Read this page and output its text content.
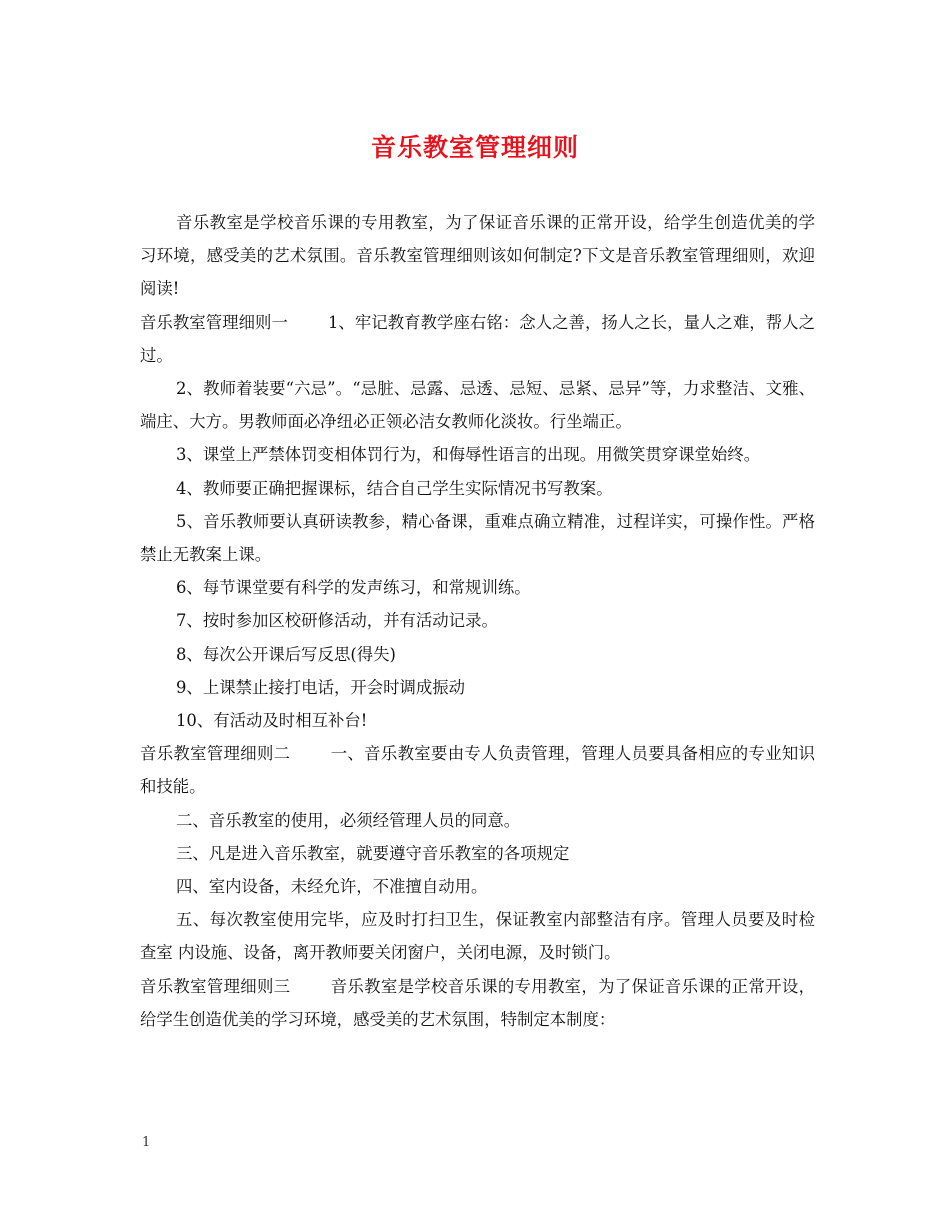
音乐教室管理细则

音乐教室是学校音乐课的专用教室，为了保证音乐课的正常开设，给学生创造优美的学习环境，感受美的艺术氛围。音乐教室管理细则该如何制定?下文是音乐教室管理细则，欢迎阅读!

音乐教室管理细则一 1、牢记教育教学座右铭：念人之善，扬人之长，量人之难，帮人之过。

2、教师着装要“六忌”。“忌脏、忌露、忌透、忌短、忌紧、忌异”等，力求整洁、文雅、端庄、大方。男教师面必净纽必正领必洁女教师化淡妆。行坐端正。

3、课堂上严禁体罚变相体罚行为，和侮辱性语言的出现。用微笑贯穿课堂始终。

4、教师要正确把握课标，结合自己学生实际情况书写教案。

5、音乐教师要认真研读教参，精心备课，重难点确立精准，过程详实，可操作性。严格禁止无教案上课。

6、每节课堂要有科学的发声练习，和常规训练。

7、按时参加区校研修活动，并有活动记录。

8、每次公开课后写反思(得失)

9、上课禁止接打电话，开会时调成振动

10、有活动及时相互补台!

音乐教室管理细则二 一、音乐教室要由专人负责管理，管理人员要具备相应的专业知识和技能。

二、音乐教室的使用，必须经管理人员的同意。

三、凡是进入音乐教室，就要遵守音乐教室的各项规定

四、室内设备，未经允许，不准擅自动用。

五、每次教室使用完毕，应及时打扫卫生，保证教室内部整洁有序。管理人员要及时检查室 内设施、设备，离开教师要关闭窗户，关闭电源，及时锁门。

音乐教室管理细则三 音乐教室是学校音乐课的专用教室，为了保证音乐课的正常开设，给学生创造优美的学习环境，感受美的艺术氛围，特制定本制度：

1
